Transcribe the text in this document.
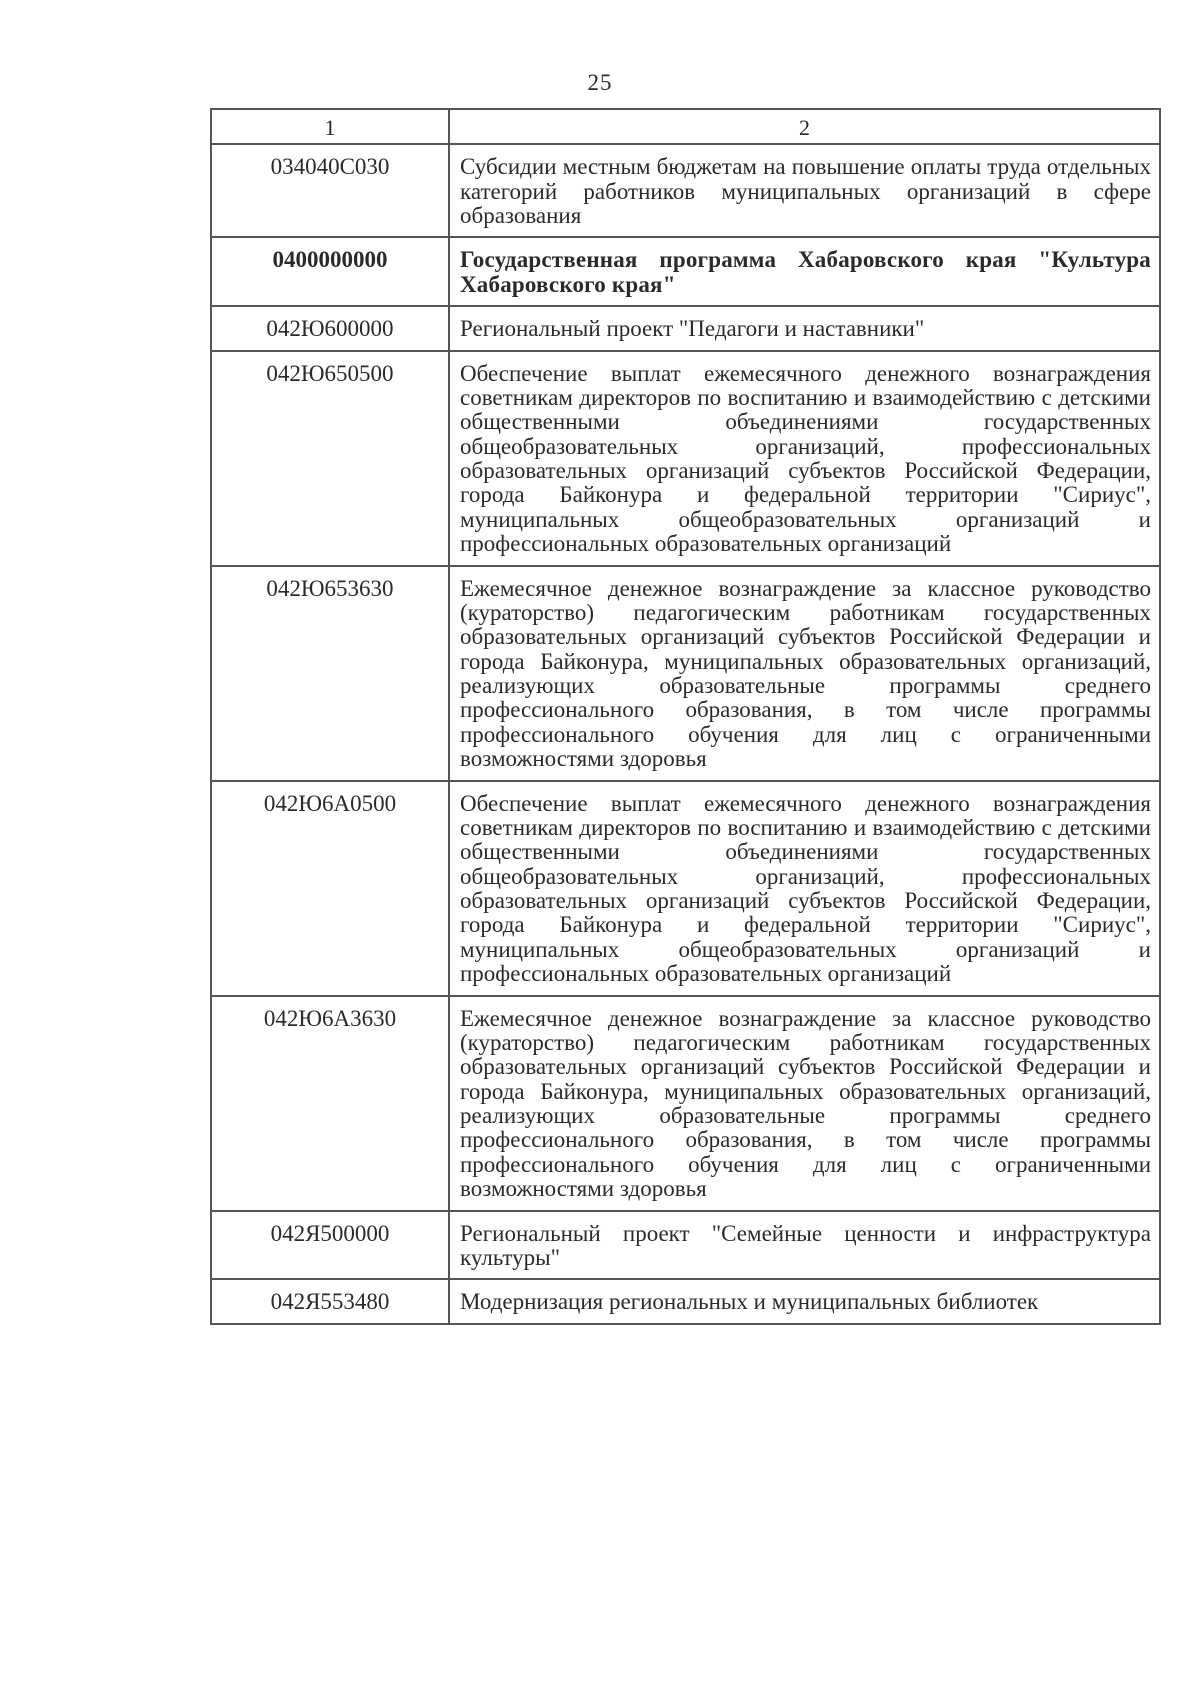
25
1	2
034040С030	Субсидии местным бюджетам на повышение оплаты труда отдельных категорий работников муниципальных организаций в сфере образования
0400000000	Государственная программа Хабаровского края "Культура Хабаровского края"
042Ю600000	Региональный проект "Педагоги и наставники"
042Ю650500	Обеспечение выплат ежемесячного денежного вознаграждения советникам директоров по воспитанию и взаимодействию с детскими общественными объединениями государственных общеобразовательных организаций, профессиональных образовательных организаций субъектов Российской Федерации, города Байконура и федеральной территории "Сириус", муниципальных общеобразовательных организаций и профессиональных образовательных организаций
042Ю653630	Ежемесячное денежное вознаграждение за классное руководство (кураторство) педагогическим работникам государственных образовательных организаций субъектов Российской Федерации и города Байконура, муниципальных образовательных организаций, реализующих образовательные программы среднего профессионального образования, в том числе программы профессионального обучения для лиц с ограниченными возможностями здоровья
042Ю6А0500	Обеспечение выплат ежемесячного денежного вознаграждения советникам директоров по воспитанию и взаимодействию с детскими общественными объединениями государственных общеобразовательных организаций, профессиональных образовательных организаций субъектов Российской Федерации, города Байконура и федеральной территории "Сириус", муниципальных общеобразовательных организаций и профессиональных образовательных организаций
042Ю6А3630	Ежемесячное денежное вознаграждение за классное руководство (кураторство) педагогическим работникам государственных образовательных организаций субъектов Российской Федерации и города Байконура, муниципальных образовательных организаций, реализующих образовательные программы среднего профессионального образования, в том числе программы профессионального обучения для лиц с ограниченными возможностями здоровья
042Я500000	Региональный проект "Семейные ценности и инфраструктура культуры"
042Я553480	Модернизация региональных и муниципальных библиотек
